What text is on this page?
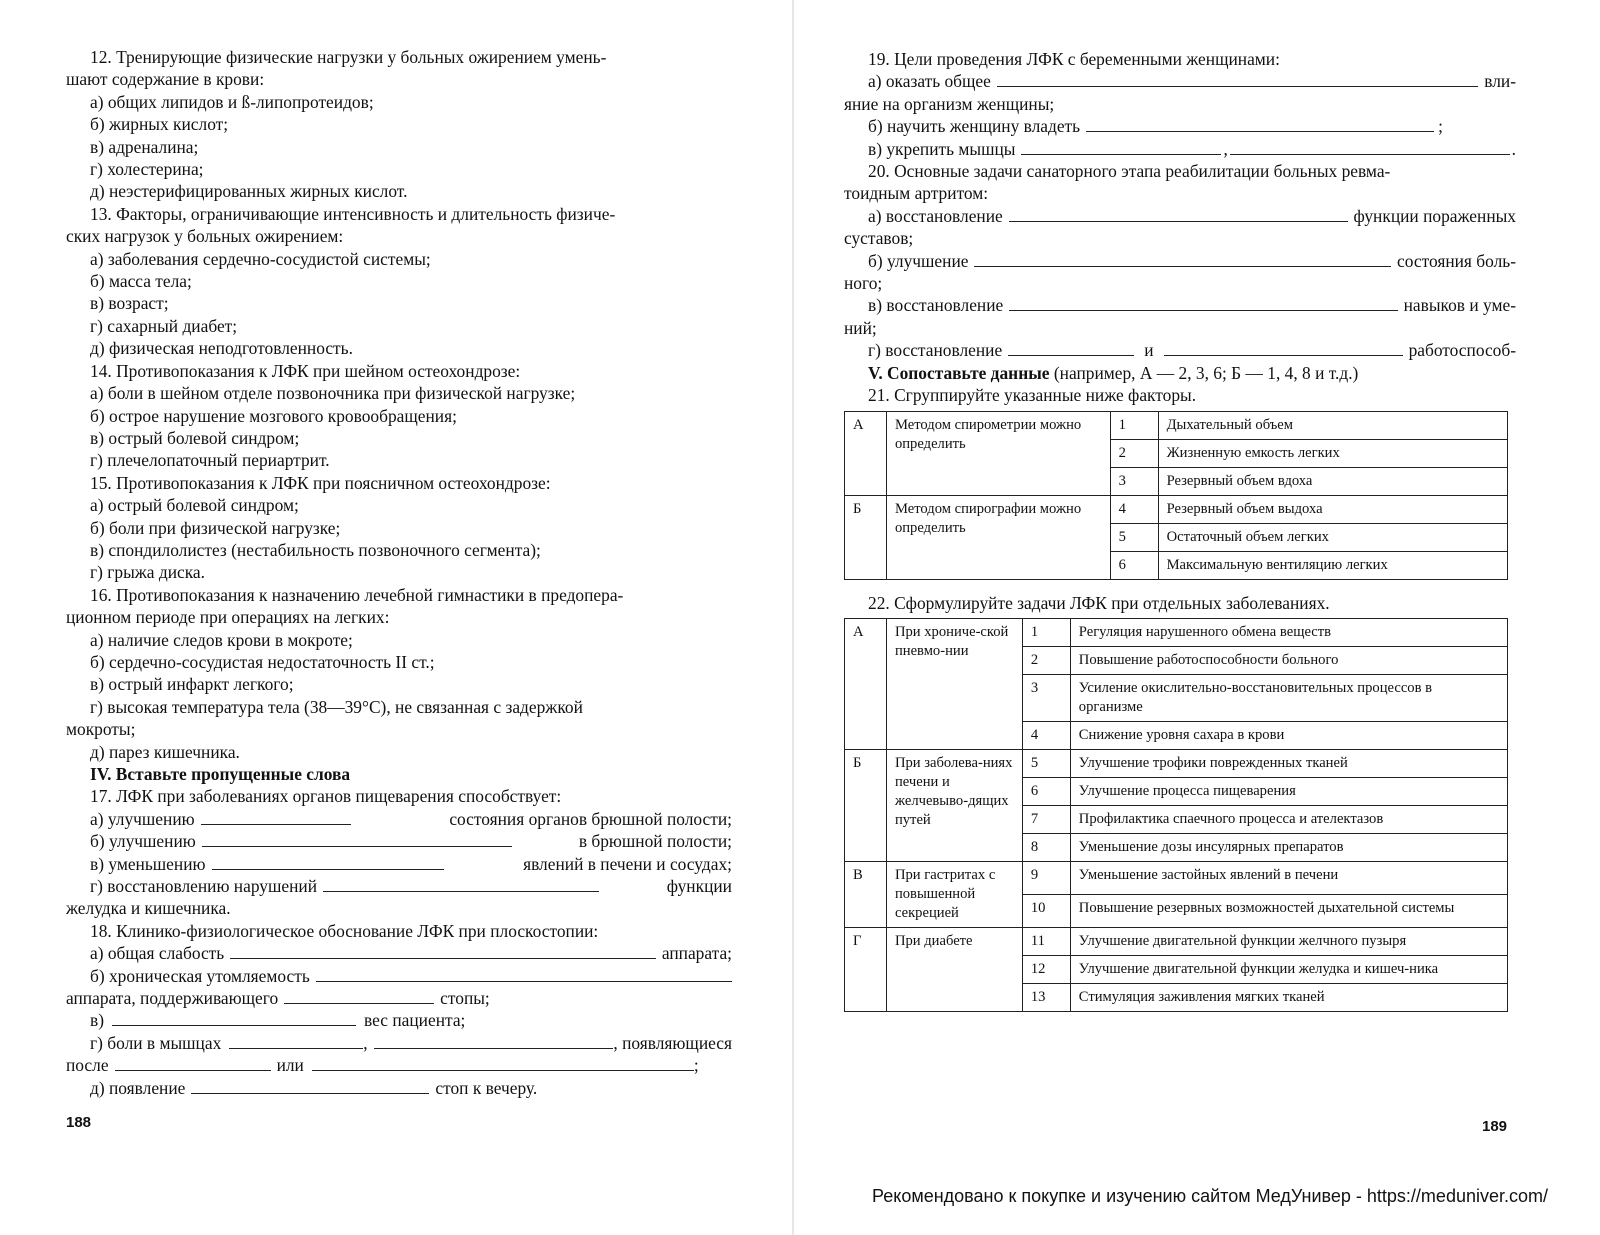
12. Тренирующие физические нагрузки у больных ожирением умень-
шают содержание в крови:
а) общих липидов и ß-липопротеидов;
б) жирных кислот;
в) адреналина;
г) холестерина;
д) неэстерифицированных жирных кислот.
13. Факторы, ограничивающие интенсивность и длительность физиче-
ских нагрузок у больных ожирением:
а) заболевания сердечно-сосудистой системы;
б) масса тела;
в) возраст;
г) сахарный диабет;
д) физическая неподготовленность.
14. Противопоказания к ЛФК при шейном остеохондрозе:
а) боли в шейном отделе позвоночника при физической нагрузке;
б) острое нарушение мозгового кровообращения;
в) острый болевой синдром;
г) плечелопаточный периартрит.
15. Противопоказания к ЛФК при поясничном остеохондрозе:
а) острый болевой синдром;
б) боли при физической нагрузке;
в) спондилолистез (нестабильность позвоночного сегмента);
г) грыжа диска.
16. Противопоказания к назначению лечебной гимнастики в предопера-
ционном периоде при операциях на легких:
а) наличие следов крови в мокроте;
б) сердечно-сосудистая недостаточность II ст.;
в) острый инфаркт легкого;
г) высокая температура тела (38—39°С), не связанная с задержкой
мокроты;
д) парез кишечника.
IV. Вставьте пропущенные слова
17. ЛФК при заболеваниях органов пищеварения способствует:
а) улучшению	состояния органов брюшной полости;
б) улучшению	в брюшной полости;
в) уменьшению	явлений в печени и сосудах;
г) восстановлению нарушений	функции
желудка и кишечника.
18. Клинико-физиологическое обоснование ЛФК при плоскостопии:
а) общая слабость	аппарата;
б) хроническая утомляемость
аппарата, поддерживающего	стопы;
в)	вес пациента;
г) боли в мышцах	,	, появляющиеся
после	или	;
д) появление	стоп к вечеру.
188
19. Цели проведения ЛФК с беременными женщинами:
а) оказать общее	вли-
яние на организм женщины;
б) научить женщину владеть	;
в) укрепить мышцы	,	.
20. Основные задачи санаторного этапа реабилитации больных ревма-
тоидным артритом:
а) восстановление	функции пораженных
суставов;
б) улучшение	состояния боль-
ного;
в) восстановление	навыков и уме-
ний;
г) восстановление	и	работоспособ-
V. Сопоставьте данные (например, А — 2, 3, 6; Б — 1, 4, 8 и т.д.)
21. Сгруппируйте указанные ниже факторы.
А	Методом спирометрии можно определить	1	Дыхательный объем
		2	Жизненную емкость легких
		3	Резервный объем вдоха
Б	Методом спирографии можно определить	4	Резервный объем выдоха
		5	Остаточный объем легких
		6	Максимальную вентиляцию легких
22. Сформулируйте задачи ЛФК при отдельных заболеваниях.
А	При хрониче-ской пневмо-нии	1	Регуляция нарушенного обмена веществ
		2	Повышение работоспособности больного
		3	Усиление окислительно-восстановительных процессов в организме
		4	Снижение уровня сахара в крови
Б	При заболева-ниях печени и желчевыво-дящих путей	5	Улучшение трофики поврежденных тканей
		6	Улучшение процесса пищеварения
		7	Профилактика спаечного процесса и ателектазов
		8	Уменьшение дозы инсулярных препаратов
В	При гастритах с повышенной секрецией	9	Уменьшение застойных явлений в печени
		10	Повышение резервных возможностей дыхательной системы
Г	При диабете	11	Улучшение двигательной функции желчного пузыря
		12	Улучшение двигательной функции желудка и кишеч-ника
		13	Стимуляция заживления мягких тканей
189
Рекомендовано к покупке и изучению сайтом МедУнивер - https://meduniver.com/
